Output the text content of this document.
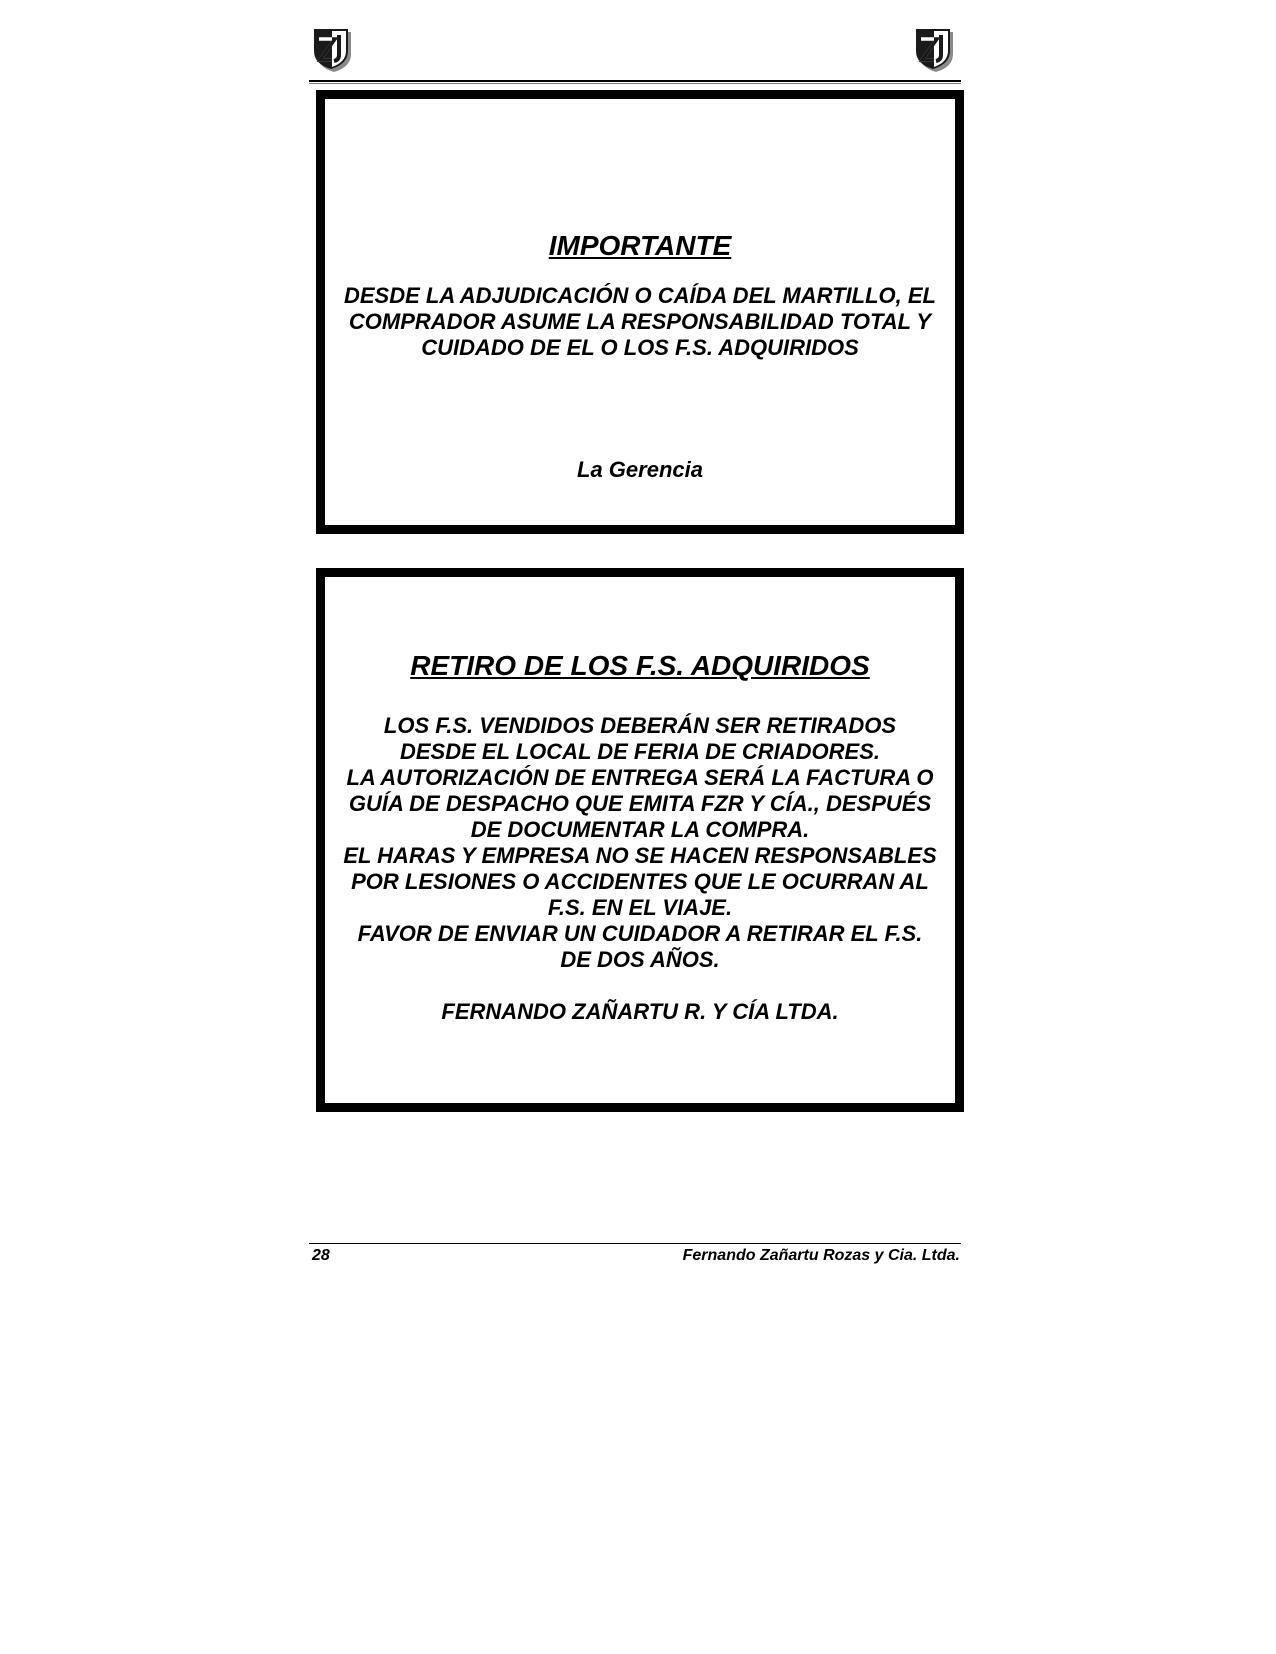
IMPORTANTE

DESDE LA ADJUDICACIÓN O CAÍDA DEL MARTILLO, EL
COMPRADOR ASUME LA RESPONSABILIDAD TOTAL Y
CUIDADO DE EL O LOS F.S. ADQUIRIDOS

La Gerencia

RETIRO DE LOS F.S. ADQUIRIDOS

LOS F.S. VENDIDOS DEBERÁN SER RETIRADOS
DESDE EL LOCAL DE FERIA DE CRIADORES.
LA AUTORIZACIÓN DE ENTREGA SERÁ LA FACTURA O
GUÍA DE DESPACHO QUE EMITA FZR Y CÍA., DESPUÉS
DE DOCUMENTAR LA COMPRA.
EL HARAS Y EMPRESA NO SE HACEN RESPONSABLES
POR LESIONES O ACCIDENTES QUE LE OCURRAN AL
F.S. EN EL VIAJE.
FAVOR DE ENVIAR UN CUIDADOR A RETIRAR EL F.S.
DE DOS AÑOS.

FERNANDO ZAÑARTU R. Y CÍA LTDA.

28	Fernando Zañartu Rozas y Cia. Ltda.
